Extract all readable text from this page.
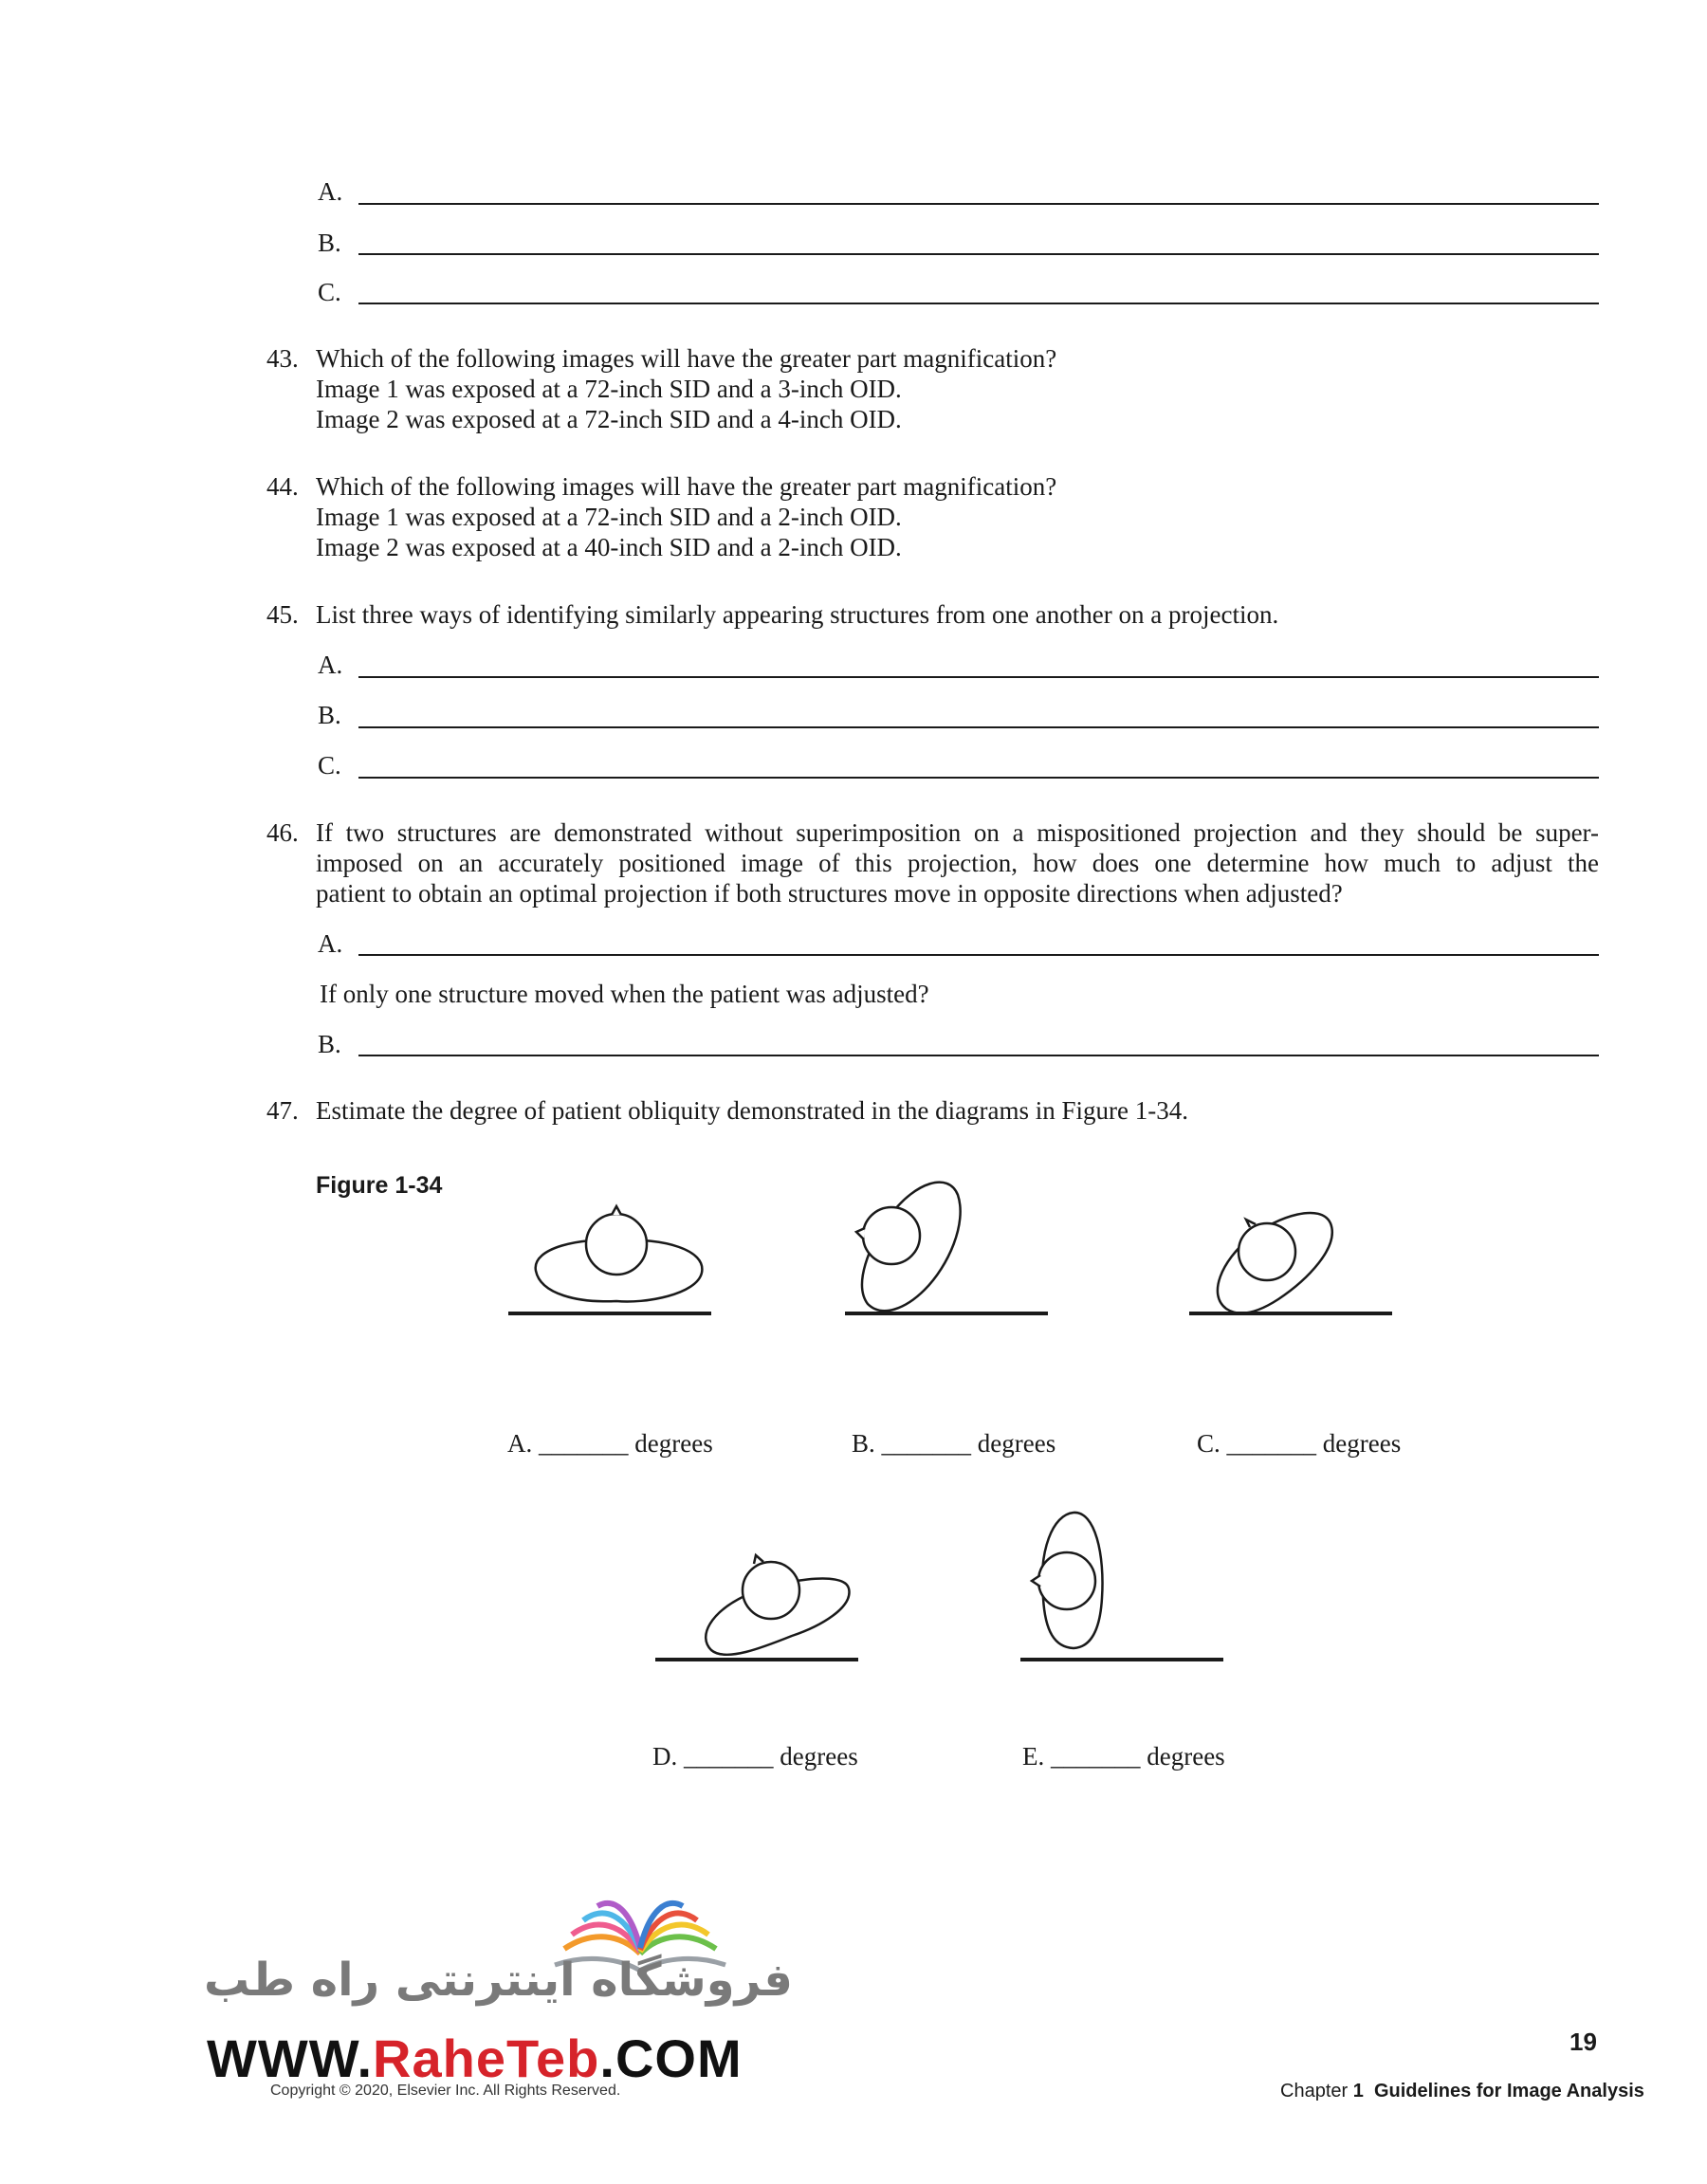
A.
B.
C.
43. Which of the following images will have the greater part magnification?
Image 1 was exposed at a 72-inch SID and a 3-inch OID.
Image 2 was exposed at a 72-inch SID and a 4-inch OID.
44. Which of the following images will have the greater part magnification?
Image 1 was exposed at a 72-inch SID and a 2-inch OID.
Image 2 was exposed at a 40-inch SID and a 2-inch OID.
45. List three ways of identifying similarly appearing structures from one another on a projection.
A.
B.
C.
46. If two structures are demonstrated without superimposition on a mispositioned projection and they should be super-
imposed on an accurately positioned image of this projection, how does one determine how much to adjust the
patient to obtain an optimal projection if both structures move in opposite directions when adjusted?
A.
If only one structure moved when the patient was adjusted?
B.
47. Estimate the degree of patient obliquity demonstrated in the diagrams in Figure 1-34.
Figure 1-34
A. _______ degrees	B. _______ degrees	C. _______ degrees
D. _______ degrees	E. _______ degrees
فروشگاه اینترنتی راه طب
WWW.RaheTeb.COM
Copyright © 2020, Elsevier Inc. All Rights Reserved.
19
Chapter 1 Guidelines for Image Analysis
